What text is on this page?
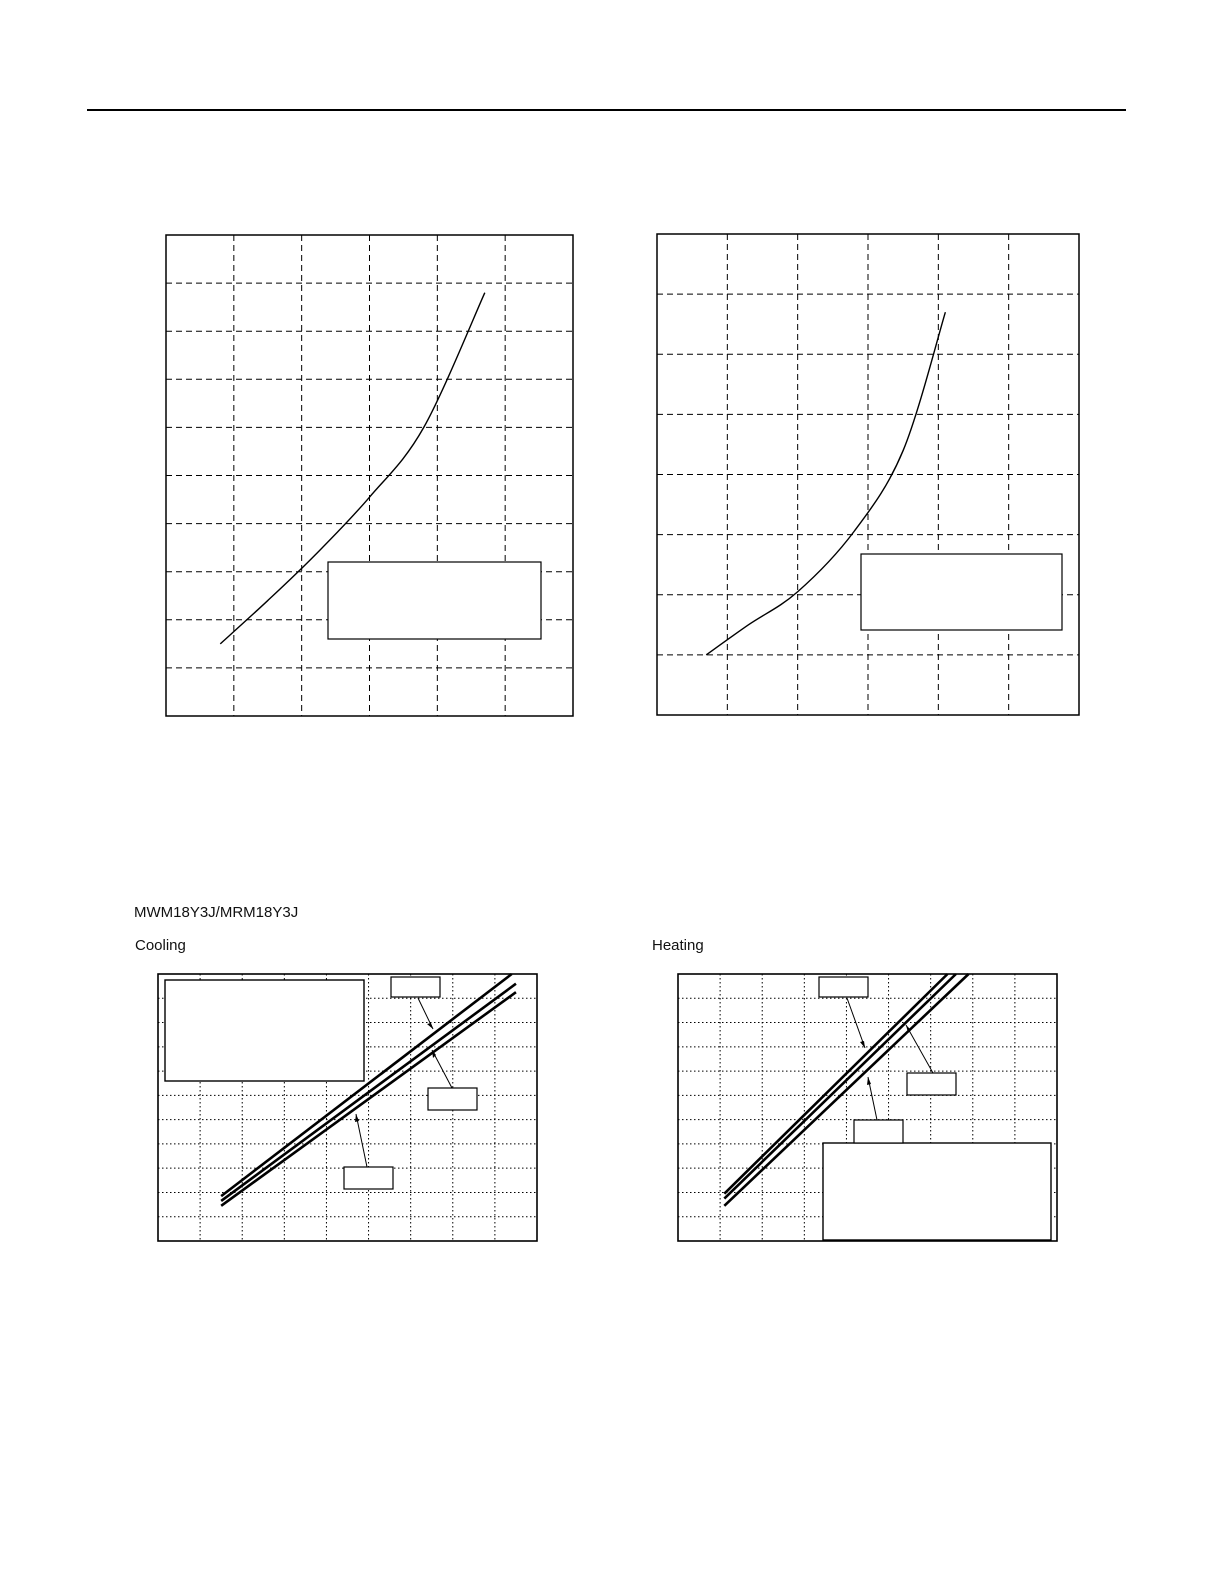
MWM18Y3J/MRM18Y3J
Cooling	Heating
